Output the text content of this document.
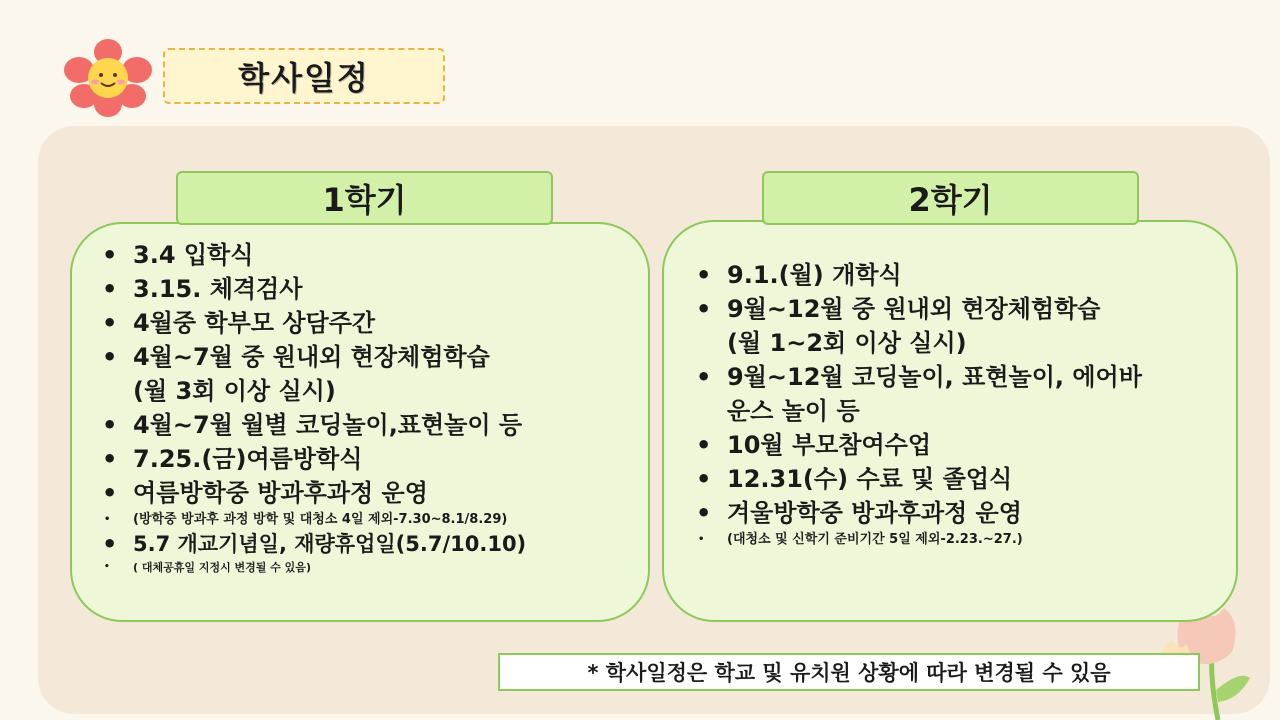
학사일정
1학기
• 3.4 입학식
• 3.15. 체격검사
• 4월중 학부모 상담주간
• 4월~7월 중 원내외 현장체험학습
(월 3회 이상 실시)
• 4월~7월 월별 코딩놀이,표현놀이 등
• 7.25.(금)여름방학식
• 여름방학중 방과후과정 운영
• (방학중 방과후 과정 방학 및 대청소 4일 제외-7.30~8.1/8.29)
• 5.7 개교기념일, 재량휴업일(5.7/10.10)
• ( 대체공휴일 지정시 변경될 수 있음)
2학기
• 9.1.(월) 개학식
• 9월~12월 중 원내외 현장체험학습
(월 1~2회 이상 실시)
• 9월~12월 코딩놀이, 표현놀이, 에어바
운스 놀이 등
• 10월 부모참여수업
• 12.31(수) 수료 및 졸업식
• 겨울방학중 방과후과정 운영
• (대청소 및 신학기 준비기간 5일 제외-2.23.~27.)
* 학사일정은 학교 및 유치원 상황에 따라 변경될 수 있음
